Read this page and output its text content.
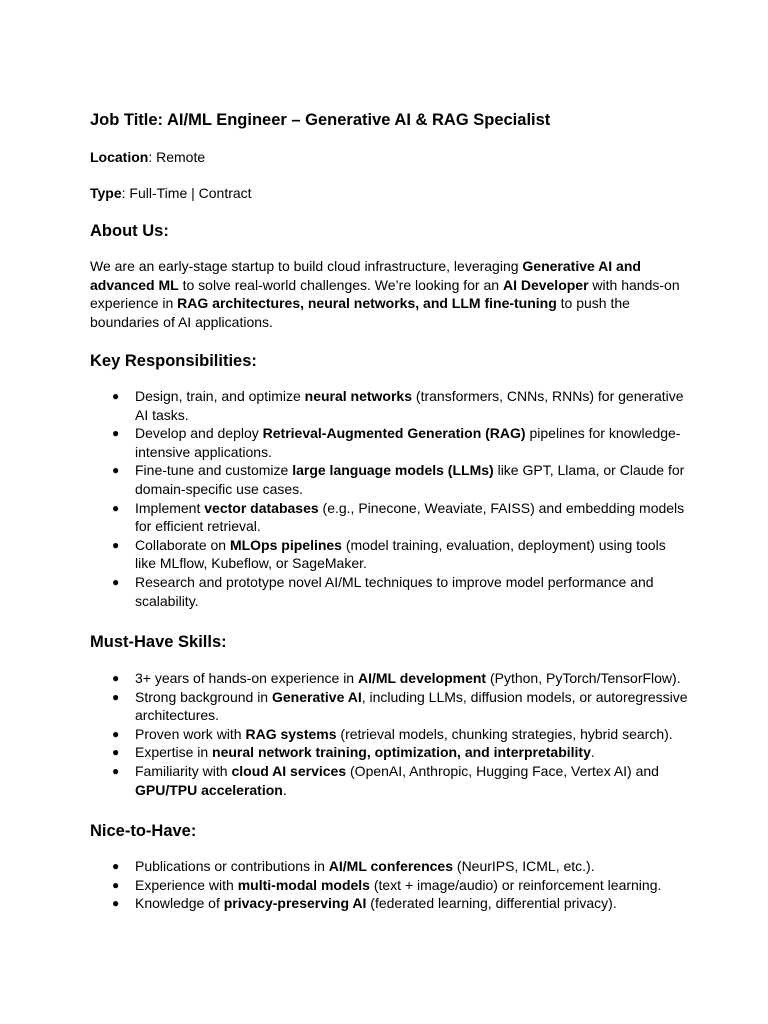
Job Title: AI/ML Engineer – Generative AI & RAG Specialist
Location: Remote
Type: Full-Time | Contract
About Us:
We are an early-stage startup to build cloud infrastructure, leveraging Generative AI and advanced ML to solve real-world challenges. We’re looking for an AI Developer with hands-on experience in RAG architectures, neural networks, and LLM fine-tuning to push the boundaries of AI applications.
Key Responsibilities:
● Design, train, and optimize neural networks (transformers, CNNs, RNNs) for generative AI tasks.
● Develop and deploy Retrieval-Augmented Generation (RAG) pipelines for knowledge-intensive applications.
● Fine-tune and customize large language models (LLMs) like GPT, Llama, or Claude for domain-specific use cases.
● Implement vector databases (e.g., Pinecone, Weaviate, FAISS) and embedding models for efficient retrieval.
● Collaborate on MLOps pipelines (model training, evaluation, deployment) using tools like MLflow, Kubeflow, or SageMaker.
● Research and prototype novel AI/ML techniques to improve model performance and scalability.
Must-Have Skills:
● 3+ years of hands-on experience in AI/ML development (Python, PyTorch/TensorFlow).
● Strong background in Generative AI, including LLMs, diffusion models, or autoregressive architectures.
● Proven work with RAG systems (retrieval models, chunking strategies, hybrid search).
● Expertise in neural network training, optimization, and interpretability.
● Familiarity with cloud AI services (OpenAI, Anthropic, Hugging Face, Vertex AI) and GPU/TPU acceleration.
Nice-to-Have:
● Publications or contributions in AI/ML conferences (NeurIPS, ICML, etc.).
● Experience with multi-modal models (text + image/audio) or reinforcement learning.
● Knowledge of privacy-preserving AI (federated learning, differential privacy).
